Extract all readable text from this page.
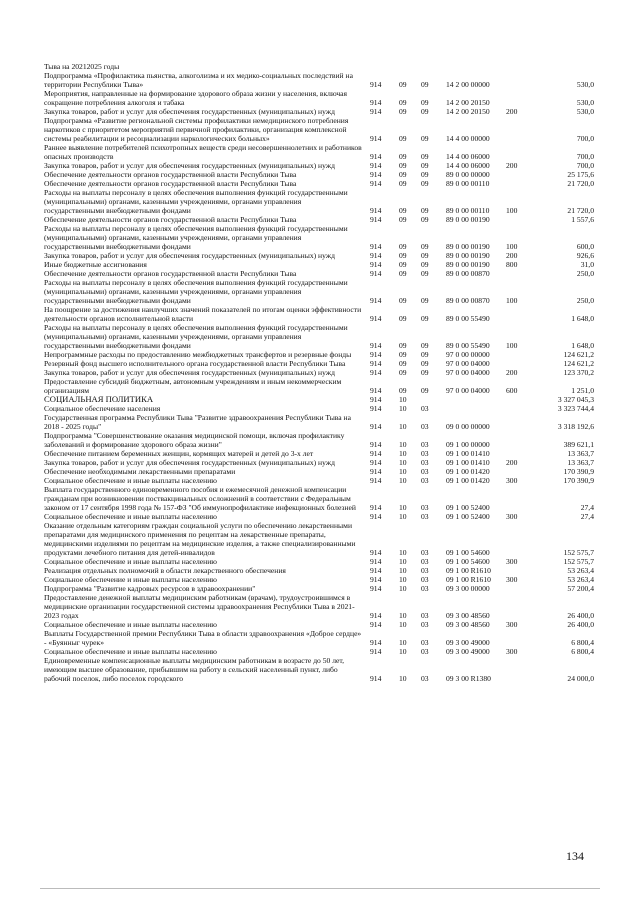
Тыва на 20212025 годы
Подпрограмма «Профилактика пьянства, алкоголизма и их медико-социальных последствий на территории Республики Тыва»	914 09 09 14 2 00 00000	530,0
Мероприятия, направленные на формирование здорового образа жизни у населения, включая сокращение потребления алкоголя и табака	914 09 09 14 2 00 20150	530,0
Закупка товаров, работ и услуг для обеспечения государственных (муниципальных) нужд	914 09 09 14 2 00 20150 200	530,0
Подпрограмма «Развитие региональной системы профилактики немедицинского потребления наркотиков с приоритетом мероприятий первичной профилактики, организация комплексной системы реабилитации и ресоциализации наркологических больных»	914 09 09 14 4 00 00000	700,0
Раннее выявление потребителей психотропных веществ среди несовершеннолетних и работников опасных производств	914 09 09 14 4 00 06000	700,0
Закупка товаров, работ и услуг для обеспечения государственных (муниципальных) нужд	914 09 09 14 4 00 06000 200	700,0
Обеспечение деятельности органов государственной власти Республики Тыва	914 09 09 89 0 00 00000	25 175,6
Обеспечение деятельности органов государственной власти Республики Тыва	914 09 09 89 0 00 00110	21 720,0
Расходы на выплаты персоналу в целях обеспечения выполнения функций государственными (муниципальными) органами, казенными учреждениями, органами управления государственными внебюджетными фондами	914 09 09 89 0 00 00110 100	21 720,0
Обеспечение деятельности органов государственной власти Республики Тыва	914 09 09 89 0 00 00190	1 557,6
Расходы на выплаты персоналу в целях обеспечения выполнения функций государственными (муниципальными) органами, казенными учреждениями, органами управления государственными внебюджетными фондами	914 09 09 89 0 00 00190 100	600,0
Закупка товаров, работ и услуг для обеспечения государственных (муниципальных) нужд	914 09 09 89 0 00 00190 200	926,6
Иные бюджетные ассигнования	914 09 09 89 0 00 00190 800	31,0
Обеспечение деятельности органов государственной власти Республики Тыва	914 09 09 89 0 00 00870	250,0
Расходы на выплаты персоналу в целях обеспечения выполнения функций государственными (муниципальными) органами, казенными учреждениями, органами управления государственными внебюджетными фондами	914 09 09 89 0 00 00870 100	250,0
На поощрение за достижения наилучших значений показателей по итогам оценки эффективности деятельности органов исполнительной власти	914 09 09 89 0 00 55490	1 648,0
Расходы на выплаты персоналу в целях обеспечения выполнения функций государственными (муниципальными) органами, казенными учреждениями, органами управления государственными внебюджетными фондами	914 09 09 89 0 00 55490 100	1 648,0
Непрограммные расходы по предоставлению межбюджетных трансфертов и резервные фонды	914 09 09 97 0 00 00000	124 621,2
Резервный фонд высшего исполнительного органа государственной власти Республики Тыва	914 09 09 97 0 00 04000	124 621,2
Закупка товаров, работ и услуг для обеспечения государственных (муниципальных) нужд	914 09 09 97 0 00 04000 200	123 370,2
Предоставление субсидий бюджетным, автономным учреждениям и иным некоммерческим организациям	914 09 09 97 0 00 04000 600	1 251,0
СОЦИАЛЬНАЯ ПОЛИТИКА	914 10	3 327 045,3
Социальное обеспечение населения	914 10 03	3 323 744,4
Государственная программа Республики Тыва "Развитие здравоохранения Республики Тыва на 2018 - 2025 годы"	914 10 03 09 0 00 00000	3 318 192,6
Подпрограмма "Совершенствование оказания медицинской помощи, включая профилактику заболеваний и формирование здорового образа жизни"	914 10 03 09 1 00 00000	389 621,1
Обеспечение питанием беременных женщин, кормящих матерей и детей до 3-х лет	914 10 03 09 1 00 01410	13 363,7
Закупка товаров, работ и услуг для обеспечения государственных (муниципальных) нужд	914 10 03 09 1 00 01410 200	13 363,7
Обеспечение необходимыми лекарственными препаратами	914 10 03 09 1 00 01420	170 390,9
Социальное обеспечение и иные выплаты населению	914 10 03 09 1 00 01420 300	170 390,9
Выплата государственного единовременного пособия и ежемесячной денежной компенсации гражданам при возникновении поствакцинальных осложнений в соответствии с Федеральным законом от 17 сентября 1998 года № 157-ФЗ "Об иммунопрофилактике инфекционных болезней	914 10 03 09 1 00 52400	27,4
Социальное обеспечение и иные выплаты населению	914 10 03 09 1 00 52400 300	27,4
Оказание отдельным категориям граждан социальной услуги по обеспечению лекарственными препаратами для медицинского применения по рецептам на лекарственные препараты, медицинскими изделиями по рецептам на медицинские изделия, а также специализированными продуктами лечебного питания для детей-инвалидов	914 10 03 09 1 00 54600	152 575,7
Социальное обеспечение и иные выплаты населению	914 10 03 09 1 00 54600 300	152 575,7
Реализация отдельных полномочий в области лекарственного обеспечения	914 10 03 09 1 00 R1610	53 263,4
Социальное обеспечение и иные выплаты населению	914 10 03 09 1 00 R1610 300	53 263,4
Подпрограмма "Развитие кадровых ресурсов в здравоохранении"	914 10 03 09 3 00 00000	57 200,4
Предоставление денежной выплаты медицинским работникам (врачам), трудоустроившимся в медицинские организации государственной системы здравоохранения Республики Тыва в 2021-2023 годах	914 10 03 09 3 00 48560	26 400,0
Социальное обеспечение и иные выплаты населению	914 10 03 09 3 00 48560 300	26 400,0
Выплаты Государственной премии Республики Тыва в области здравоохранения «Доброе сердце» - «Буянныг чурек»	914 10 03 09 3 00 49000	6 800,4
Социальное обеспечение и иные выплаты населению	914 10 03 09 3 00 49000 300	6 800,4
Единовременные компенсационные выплаты медицинским работникам в возрасте до 50 лет, имеющим высшее образование, прибывшим на работу в сельский населенный пункт, либо рабочий поселок, либо поселок городского	914 10 03 09 3 00 R1380	24 000,0
134
